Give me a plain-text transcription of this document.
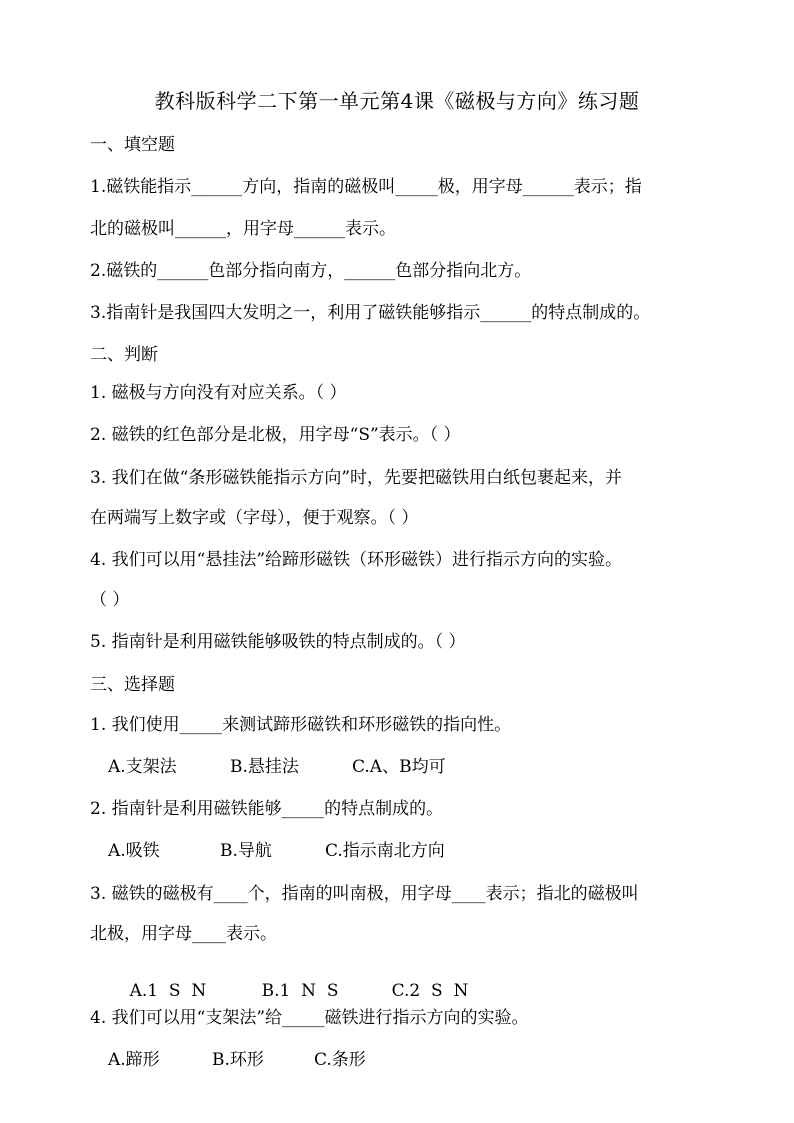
教科版科学二下第一单元第4课《磁极与方向》练习题
一、填空题
1.磁铁能指示______方向，指南的磁极叫_____极，用字母______表示；指
北的磁极叫______，用字母______表示。
2.磁铁的______色部分指向南方，______色部分指向北方。
3.指南针是我国四大发明之一，利用了磁铁能够指示______的特点制成的。
二、判断
1. 磁极与方向没有对应关系。（ ）
2. 磁铁的红色部分是北极，用字母“S”表示。（ ）
3. 我们在做“条形磁铁能指示方向”时，先要把磁铁用白纸包裹起来，并
在两端写上数字或（字母），便于观察。（ ）
4. 我们可以用“悬挂法”给蹄形磁铁（环形磁铁）进行指示方向的实验。
（ ）
5. 指南针是利用磁铁能够吸铁的特点制成的。（ ）
三、选择题
1. 我们使用_____来测试蹄形磁铁和环形磁铁的指向性。
A.支架法	B.悬挂法	C.A、B均可
2. 指南针是利用磁铁能够_____的特点制成的。
A.吸铁	B.导航	C.指示南北方向
3. 磁铁的磁极有____个，指南的叫南极，用字母____表示；指北的磁极叫
北极，用字母____表示。

A.1  S  N	B.1  N  S	C.2  S  N

4. 我们可以用“支架法”给_____磁铁进行指示方向的实验。
A.蹄形	B.环形	C.条形
